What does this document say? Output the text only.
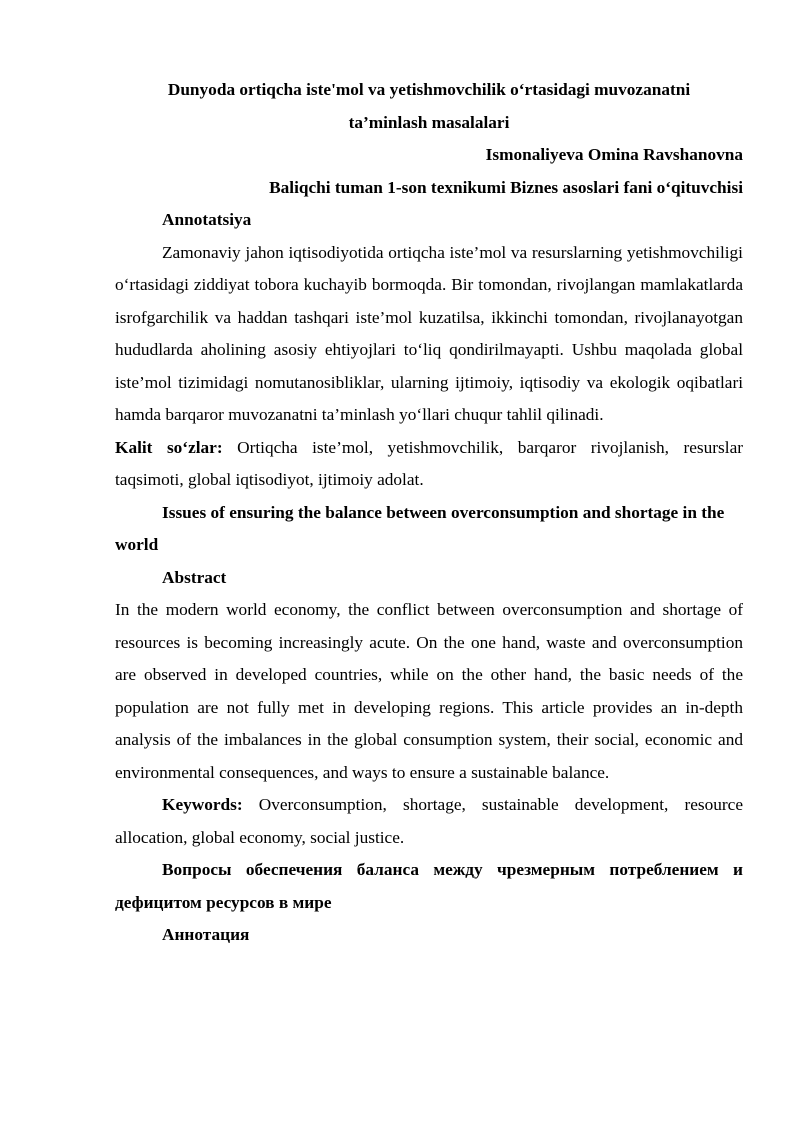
Dunyoda ortiqcha iste'mol va yetishmovchilik o‘rtasidagi muvozanatni

ta’minlash masalalari

Ismonaliyeva Omina Ravshanovna

Baliqchi tuman 1-son texnikumi Biznes asoslari fani o‘qituvchisi

Annotatsiya

Zamonaviy jahon iqtisodiyotida ortiqcha iste’mol va resurslarning yetishmovchiligi o‘rtasidagi ziddiyat tobora kuchayib bormoqda. Bir tomondan, rivojlangan mamlakatlarda isrofgarchilik va haddan tashqari iste’mol kuzatilsa, ikkinchi tomondan, rivojlanayotgan hududlarda aholining asosiy ehtiyojlari to‘liq qondirilmayapti. Ushbu maqolada global iste’mol tizimidagi nomutanosibliklar, ularning ijtimoiy, iqtisodiy va ekologik oqibatlari hamda barqaror muvozanatni ta’minlash yo‘llari chuqur tahlil qilinadi.

Kalit so‘zlar: Ortiqcha iste’mol, yetishmovchilik, barqaror rivojlanish, resurslar taqsimoti, global iqtisodiyot, ijtimoiy adolat.

Issues of ensuring the balance between overconsumption and shortage in the world

Abstract

In the modern world economy, the conflict between overconsumption and shortage of resources is becoming increasingly acute. On the one hand, waste and overconsumption are observed in developed countries, while on the other hand, the basic needs of the population are not fully met in developing regions. This article provides an in-depth analysis of the imbalances in the global consumption system, their social, economic and environmental consequences, and ways to ensure a sustainable balance.

Keywords: Overconsumption, shortage, sustainable development, resource allocation, global economy, social justice.

Вопросы обеспечения баланса между чрезмерным потреблением и дефицитом ресурсов в мире

Аннотация
